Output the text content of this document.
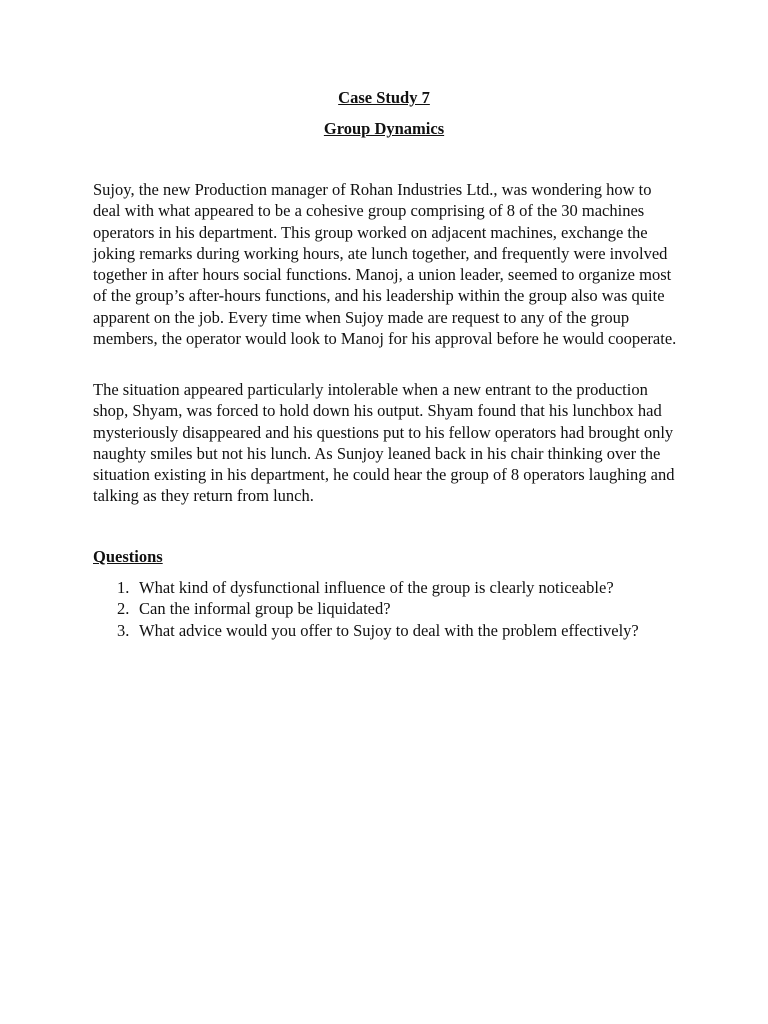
Case Study 7
Group Dynamics

Sujoy, the new Production manager of Rohan Industries Ltd., was wondering how to deal with what appeared to be a cohesive group comprising of 8 of the 30 machines operators in his department. This group worked on adjacent machines, exchange the joking remarks during working hours, ate lunch together, and frequently were involved together in after hours social functions. Manoj, a union leader, seemed to organize most of the group’s after-hours functions, and his leadership within the group also was quite apparent on the job. Every time when Sujoy made are request to any of the group members, the operator would look to Manoj for his approval before he would cooperate.

The situation appeared particularly intolerable when a new entrant to the production shop, Shyam, was forced to hold down his output. Shyam found that his lunchbox had mysteriously disappeared and his questions put to his fellow operators had brought only naughty smiles but not his lunch. As Sunjoy leaned back in his chair thinking over the situation existing in his department, he could hear the group of 8 operators laughing and talking as they return from lunch.

Questions
1. What kind of dysfunctional influence of the group is clearly noticeable?
2. Can the informal group be liquidated?
3. What advice would you offer to Sujoy to deal with the problem effectively?
